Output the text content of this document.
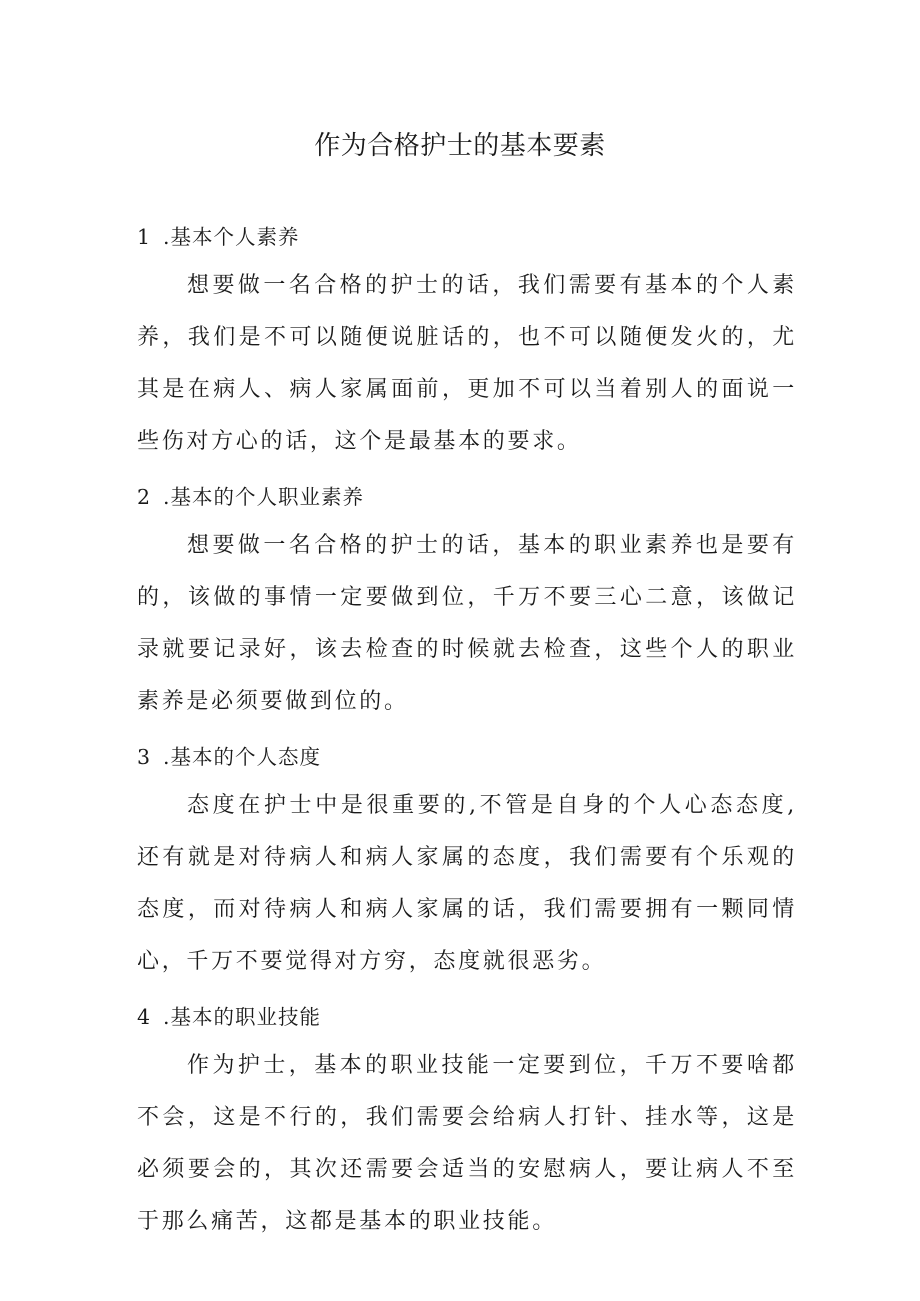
作为合格护士的基本要素
1 .基本个人素养

想要做一名合格的护士的话，我们需要有基本的个人素养，我们是不可以随便说脏话的，也不可以随便发火的，尤其是在病人、病人家属面前，更加不可以当着别人的面说一些伤对方心的话，这个是最基本的要求。

2 .基本的个人职业素养

想要做一名合格的护士的话，基本的职业素养也是要有的，该做的事情一定要做到位，千万不要三心二意，该做记录就要记录好，该去检查的时候就去检查，这些个人的职业素养是必须要做到位的。

3 .基本的个人态度

态度在护士中是很重要的,不管是自身的个人心态态度,还有就是对待病人和病人家属的态度，我们需要有个乐观的态度，而对待病人和病人家属的话，我们需要拥有一颗同情心，千万不要觉得对方穷，态度就很恶劣。

4 .基本的职业技能

作为护士，基本的职业技能一定要到位，千万不要啥都不会，这是不行的，我们需要会给病人打针、挂水等，这是必须要会的，其次还需要会适当的安慰病人，要让病人不至于那么痛苦，这都是基本的职业技能。
